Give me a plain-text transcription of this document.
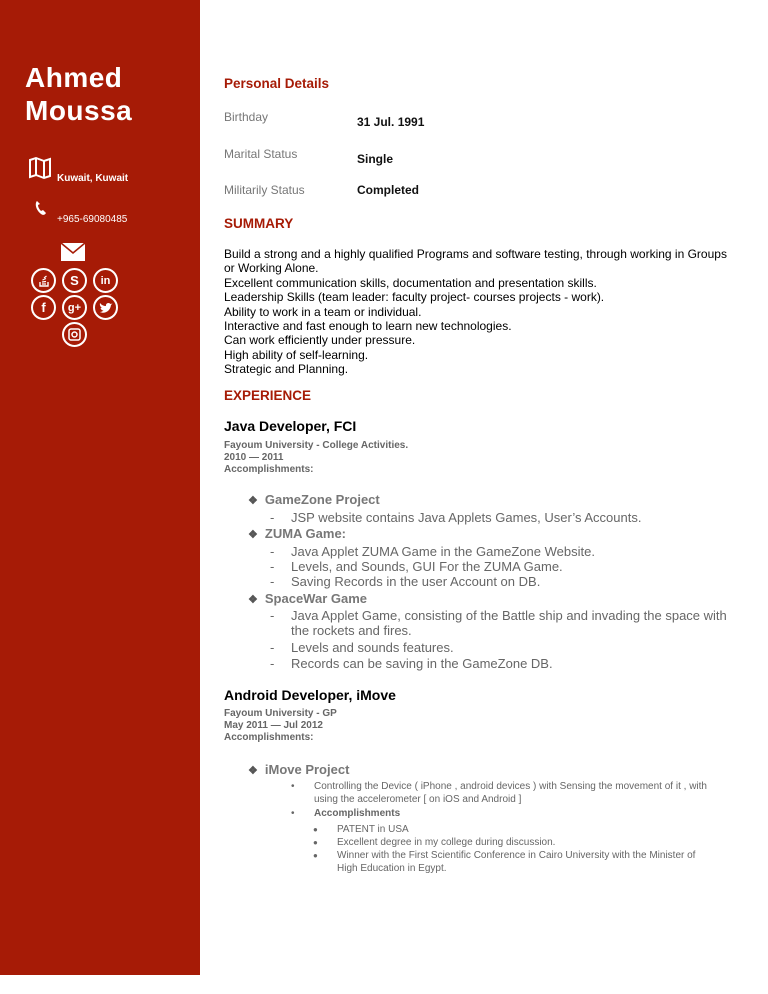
Ahmed
Moussa
Kuwait, Kuwait
+965-69080485
S	in
f	g+
Personal Details
Birthday	31 Jul. 1991
Marital Status	Single
Militarily Status	Completed
SUMMARY
Build a strong and a highly qualified Programs and software testing, through working in Groups
or Working Alone.
Excellent communication skills, documentation and presentation skills.
Leadership Skills (team leader: faculty project- courses projects - work).
Ability to work in a team or individual.
Interactive and fast enough to learn new technologies.
Can work efficiently under pressure.
High ability of self-learning.
Strategic and Planning.
EXPERIENCE
Java Developer, FCI
Fayoum University - College Activities.
2010 — 2011
Accomplishments:
❖ GameZone Project
- JSP website contains Java Applets Games, User’s Accounts.
❖ ZUMA Game:
- Java Applet ZUMA Game in the GameZone Website.
- Levels, and Sounds, GUI For the ZUMA Game.
- Saving Records in the user Account on DB.
❖ SpaceWar Game
- Java Applet Game, consisting of the Battle ship and invading the space with
the rockets and fires.
- Levels and sounds features.
- Records can be saving in the GameZone DB.
Android Developer, iMove
Fayoum University - GP
May 2011 — Jul 2012
Accomplishments:
❖ iMove Project
• Controlling the Device ( iPhone , android devices ) with Sensing the movement of it , with
using the accelerometer [ on iOS and Android ]
• Accomplishments
● PATENT in USA
● Excellent degree in my college during discussion.
● Winner with the First Scientific Conference in Cairo University with the Minister of
High Education in Egypt.
